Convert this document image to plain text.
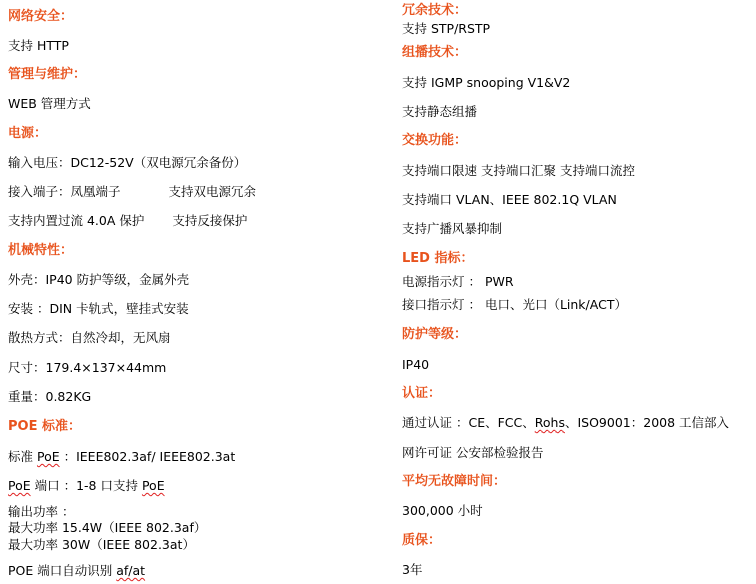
网络安全：
支持 HTTP
管理与维护：
WEB 管理方式
电源：
输入电压：DC12-52V（双电源冗余备份）
接入端子：凤凰端子	支持双电源冗余
支持内置过流 4.0A 保护 支持反接保护
机械特性：
外壳：IP40 防护等级，金属外壳
安装 ：DIN 卡轨式，壁挂式安装
散热方式：自然冷却，无风扇
尺寸：179.4×137×44mm
重量：0.82KG
POE 标准：
标准 PoE ：IEEE802.3af/ IEEE802.3at
PoE 端口 ：1-8 口支持 PoE
输出功率 ：
最大功率 15.4W（IEEE 802.3af）
最大功率 30W（IEEE 802.3at）
POE 端口自动识别 af/at
冗余技术：
支持 STP/RSTP
组播技术：
支持 IGMP snooping V1&V2
支持静态组播
交换功能：
支持端口限速 支持端口汇聚 支持端口流控
支持端口 VLAN、IEEE 802.1Q VLAN
支持广播风暴抑制
LED 指标：
电源指示灯 ： PWR
接口指示灯 ： 电口、光口（Link/ACT）
防护等级：
IP40
认证：
通过认证 ：CE、FCC、Rohs、ISO9001：2008 工信部入
网许可证 公安部检验报告
平均无故障时间：
300,000 小时
质保：
3年
